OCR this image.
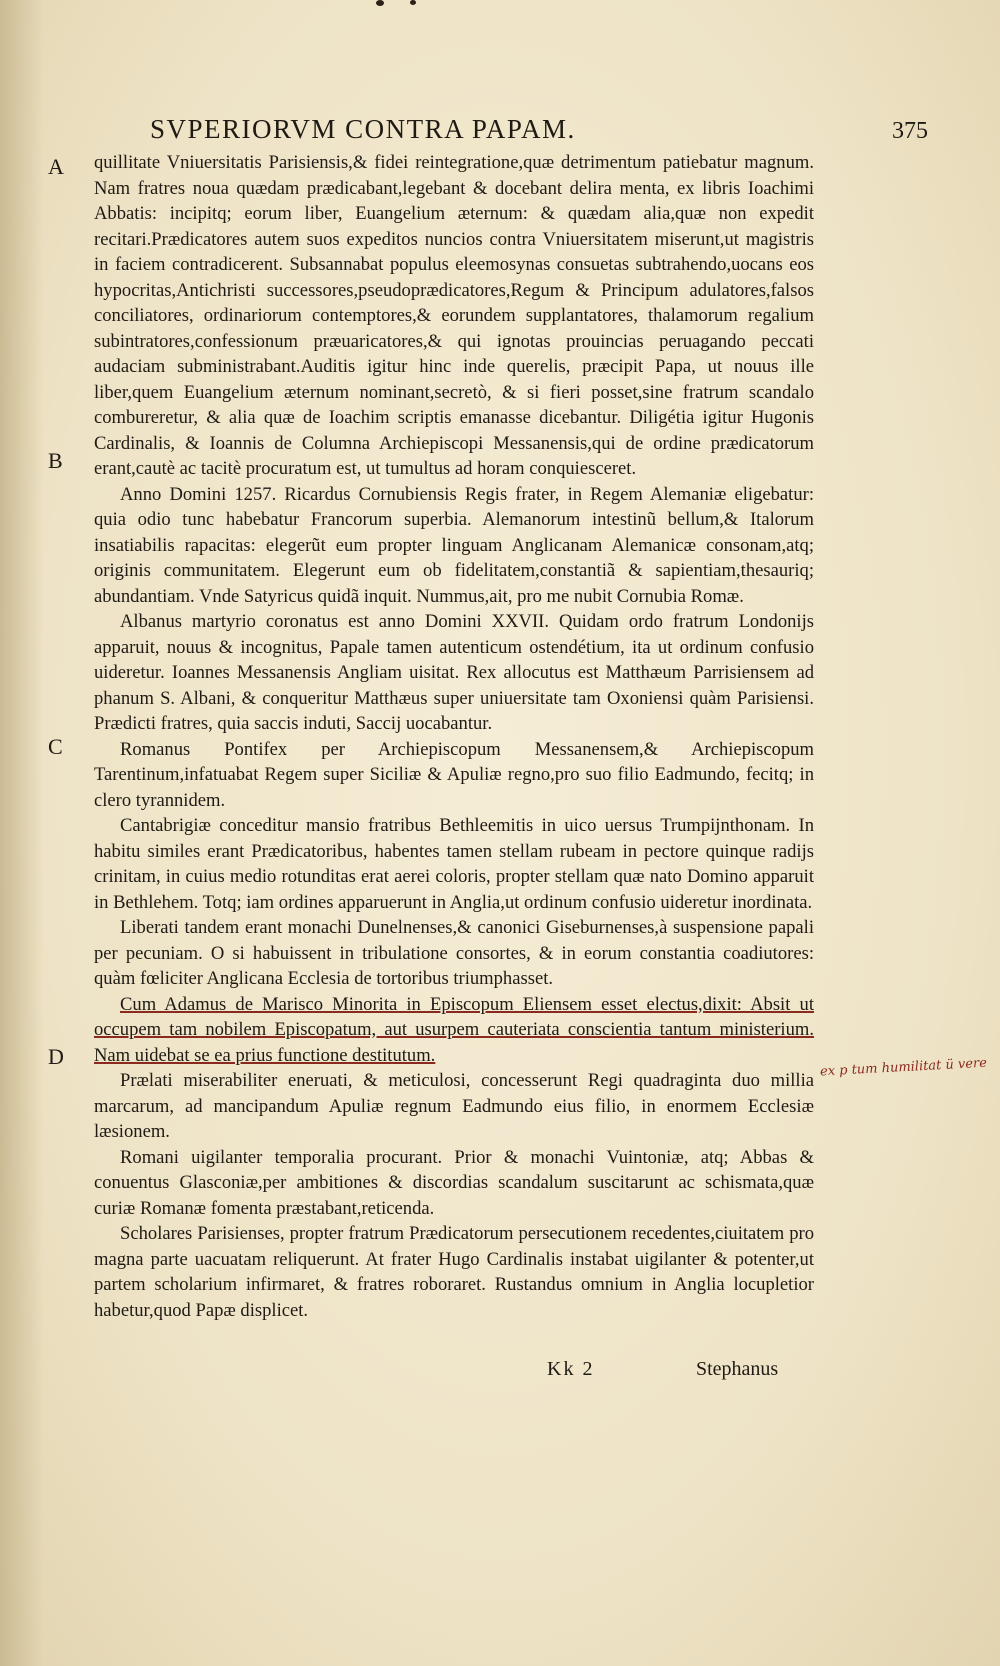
SVPERIORVM CONTRA PAPAM.	375
A
B
C
D

quillitate Vniuersitatis Parisiensis,& fidei reintegratione,quæ detrimentum patiebatur magnum. Nam fratres noua quædam prædicabant,legebant & docebant delira menta, ex libris Ioachimi Abbatis: incipitq; eorum liber, Euangelium æternum: & quædam alia,quæ non expedit recitari.Prædicatores autem suos expeditos nuncios contra Vniuersitatem miserunt,ut magistris in faciem contradicerent. Subsannabat populus eleemosynas consuetas subtrahendo,uocans eos hypocritas,Antichristi successores,pseudoprædicatores,Regum & Principum adulatores,falsos conciliatores, ordinariorum contemptores,& eorundem supplantatores, thalamorum regalium subintratores,confessionum præuaricatores,& qui ignotas prouincias peruagando peccati audaciam subministrabant.Auditis igitur hinc inde querelis, præcipit Papa, ut nouus ille liber,quem Euangelium æternum nominant,secretò, & si fieri posset,sine fratrum scandalo combureretur, & alia quæ de Ioachim scriptis emanasse dicebantur. Diligétia igitur Hugonis Cardinalis, & Ioannis de Columna Archiepiscopi Messanensis,qui de ordine prædicatorum erant,cautè ac tacitè procuratum est, ut tumultus ad horam conquiesceret.

Anno Domini 1257. Ricardus Cornubiensis Regis frater, in Regem Alemaniæ eligebatur: quia odio tunc habebatur Francorum superbia. Alemanorum intestinũ bellum,& Italorum insatiabilis rapacitas: elegerũt eum propter linguam Anglicanam Alemanicæ consonam,atq; originis communitatem. Elegerunt eum ob fidelitatem,constantiã & sapientiam,thesauriq; abundantiam. Vnde Satyricus quidã inquit. Nummus,ait, pro me nubit Cornubia Romæ.

Albanus martyrio coronatus est anno Domini XXVII. Quidam ordo fratrum Londonijs apparuit, nouus & incognitus, Papale tamen autenticum ostendétium, ita ut ordinum confusio uideretur. Ioannes Messanensis Angliam uisitat. Rex allocutus est Matthæum Parrisiensem ad phanum S. Albani, & conqueritur Matthæus super uniuersitate tam Oxoniensi quàm Parisiensi. Prædicti fratres, quia saccis induti, Saccij uocabantur.

Romanus Pontifex per Archiepiscopum Messanensem,& Archiepiscopum Tarentinum,infatuabat Regem super Siciliæ & Apuliæ regno,pro suo filio Eadmundo, fecitq; in clero tyrannidem.

Cantabrigiæ conceditur mansio fratribus Bethleemitis in uico uersus Trumpijnthonam. In habitu similes erant Prædicatoribus, habentes tamen stellam rubeam in pectore quinque radijs crinitam, in cuius medio rotunditas erat aerei coloris, propter stellam quæ nato Domino apparuit in Bethlehem. Totq; iam ordines apparuerunt in Anglia,ut ordinum confusio uideretur inordinata.

Liberati tandem erant monachi Dunelnenses,& canonici Giseburnenses,à suspensione papali per pecuniam. O si habuissent in tribulatione consortes, & in eorum constantia coadiutores: quàm fœliciter Anglicana Ecclesia de tortoribus triumphasset.

Cum Adamus de Marisco Minorita in Episcopum Eliensem esset electus,dixit: Absit ut occupem tam nobilem Episcopatum, aut usurpem cauteriata conscientia tantum ministerium. Nam uidebat se ea prius functione destitutum.

Prælati miserabiliter eneruati, & meticulosi, concesserunt Regi quadraginta duo millia marcarum, ad mancipandum Apuliæ regnum Eadmundo eius filio, in enormem Ecclesiæ læsionem.

Romani uigilanter temporalia procurant. Prior & monachi Vuintoniæ, atq; Abbas & conuentus Glasconiæ,per ambitiones & discordias scandalum suscitarunt ac schismata,quæ curiæ Romanæ fomenta præstabant,reticenda.

Scholares Parisienses, propter fratrum Prædicatorum persecutionem recedentes,ciuitatem pro magna parte uacuatam reliquerunt. At frater Hugo Cardinalis instabat uigilanter & potenter,ut partem scholarium infirmaret, & fratres roboraret. Rustandus omnium in Anglia locupletior habetur,quod Papæ displicet.

ex p tum humilitat ü vere
Kk 2	Stephanus
